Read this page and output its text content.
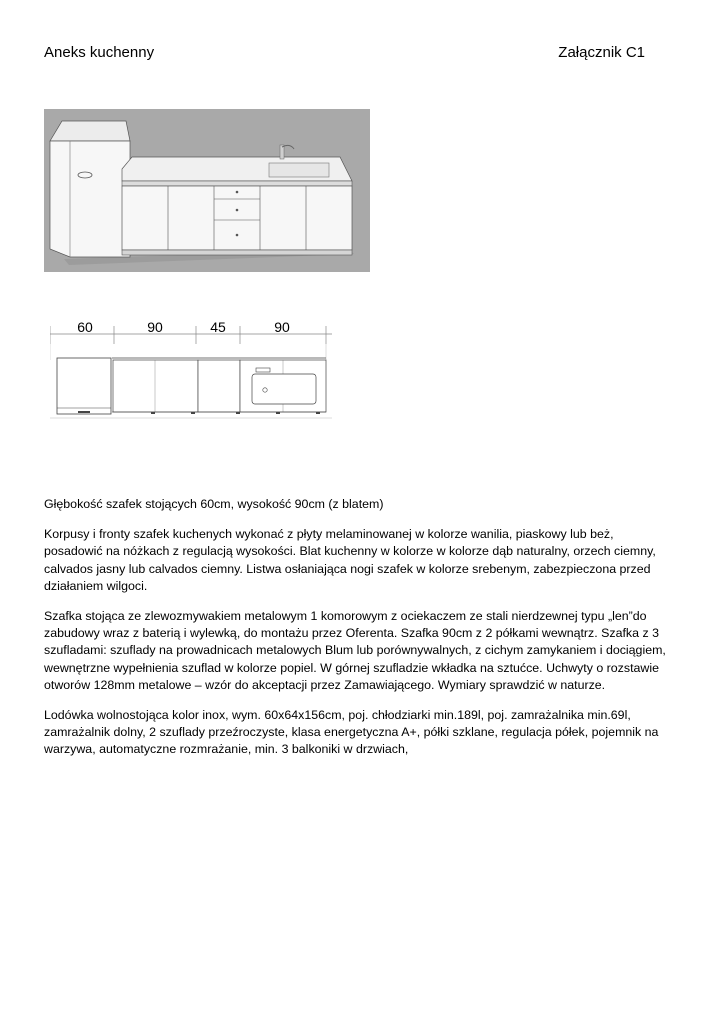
Aneks kuchenny	Załącznik C1
60	90	45	90

Głębokość szafek stojących 60cm, wysokość 90cm (z blatem)

Korpusy i fronty szafek kuchenych wykonać z płyty melaminowanej w kolorze wanilia, piaskowy lub beż, posadowić na nóżkach z regulacją wysokości. Blat kuchenny w kolorze w kolorze dąb naturalny, orzech ciemny, calvados jasny lub calvados ciemny. Listwa osłaniająca nogi szafek w kolorze srebenym, zabezpieczona przed działaniem wilgoci.

Szafka stojąca ze zlewozmywakiem metalowym 1 komorowym z ociekaczem ze stali nierdzewnej typu „len”do zabudowy wraz z baterią i wylewką, do montażu przez Oferenta. Szafka 90cm z 2 półkami wewnątrz. Szafka z 3 szufladami: szuflady na prowadnicach metalowych Blum lub porównywalnych, z cichym zamykaniem i dociągiem, wewnętrzne wypełnienia szuflad w kolorze popiel. W górnej szufladzie wkładka na sztućce. Uchwyty o rozstawie otworów 128mm metalowe – wzór do akceptacji przez Zamawiającego. Wymiary sprawdzić w naturze.

Lodówka wolnostojąca kolor inox, wym. 60x64x156cm, poj. chłodziarki min.189l, poj. zamrażalnika min.69l, zamrażalnik dolny, 2 szuflady przeźroczyste, klasa energetyczna A+, półki szklane, regulacja półek, pojemnik na warzywa, automatyczne rozmrażanie, min. 3 balkoniki w drzwiach,
